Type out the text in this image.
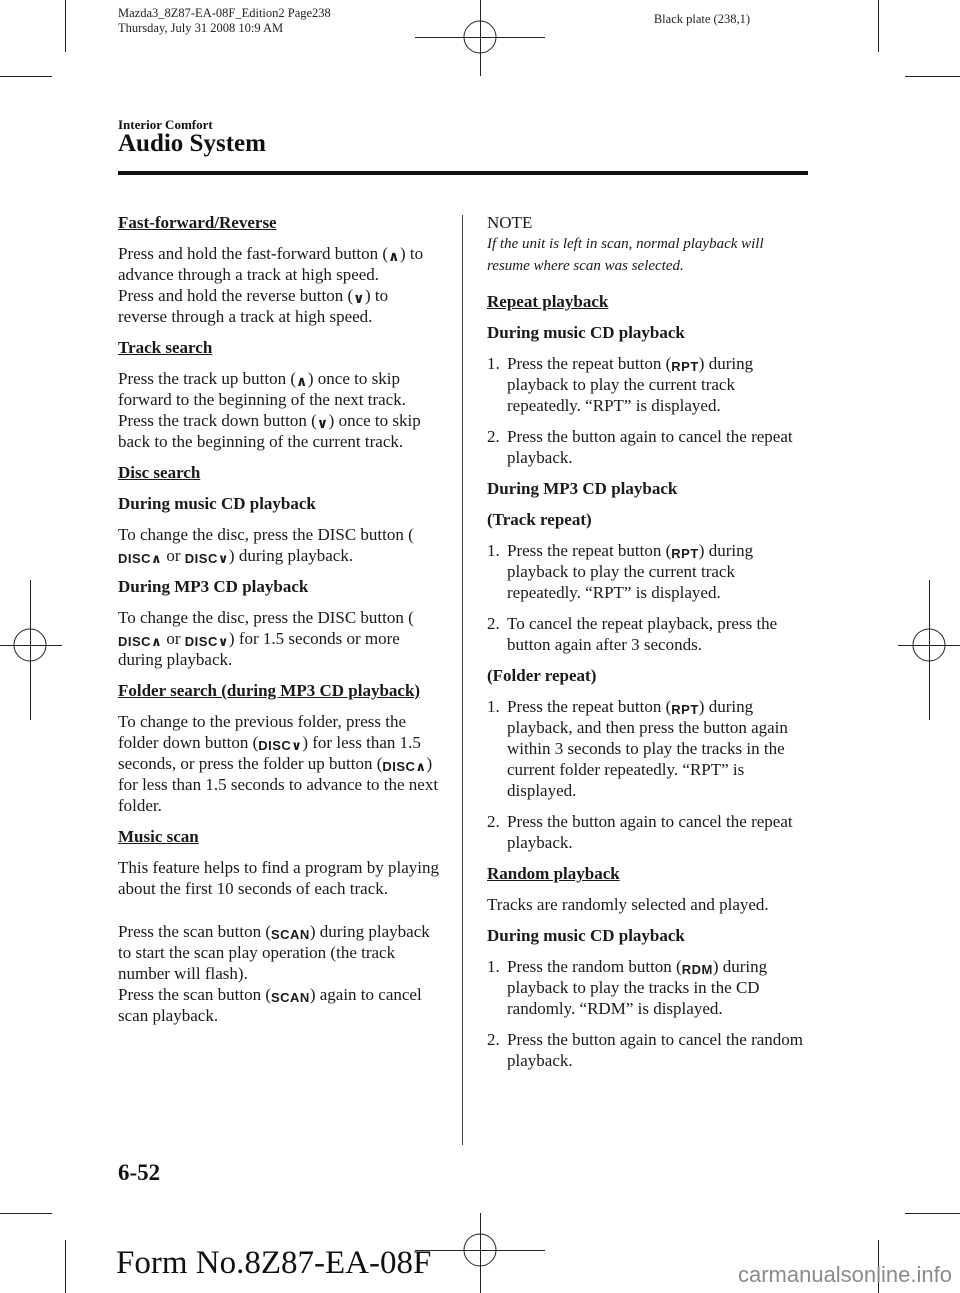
Mazda3_8Z87-EA-08F_Edition2 Page238
Thursday, July 31 2008 10:9 AM
Black plate (238,1)
Interior Comfort
Audio System

Fast-forward/Reverse

Press and hold the fast-forward button (∧) to advance through a track at high speed.
Press and hold the reverse button (∨) to reverse through a track at high speed.

Track search

Press the track up button (∧) once to skip forward to the beginning of the next track.
Press the track down button (∨) once to skip back to the beginning of the current track.

Disc search

During music CD playback

To change the disc, press the DISC button (DISC∧ or DISC∨) during playback.

During MP3 CD playback

To change the disc, press the DISC button (DISC∧ or DISC∨) for 1.5 seconds or more during playback.

Folder search (during MP3 CD playback)

To change to the previous folder, press the folder down button (DISC∨) for less than 1.5 seconds, or press the folder up button (DISC∧) for less than 1.5 seconds to advance to the next folder.

Music scan

This feature helps to find a program by playing about the first 10 seconds of each track.

Press the scan button (SCAN) during playback to start the scan play operation (the track number will flash).
Press the scan button (SCAN) again to cancel scan playback.

NOTE

If the unit is left in scan, normal playback will resume where scan was selected.

Repeat playback

During music CD playback

1. Press the repeat button (RPT) during playback to play the current track repeatedly. “RPT” is displayed.
2. Press the button again to cancel the repeat playback.

During MP3 CD playback

(Track repeat)

1. Press the repeat button (RPT) during playback to play the current track repeatedly. “RPT” is displayed.
2. To cancel the repeat playback, press the button again after 3 seconds.

(Folder repeat)

1. Press the repeat button (RPT) during playback, and then press the button again within 3 seconds to play the tracks in the current folder repeatedly. “RPT” is displayed.
2. Press the button again to cancel the repeat playback.

Random playback

Tracks are randomly selected and played.

During music CD playback

1. Press the random button (RDM) during playback to play the tracks in the CD randomly. “RDM” is displayed.
2. Press the button again to cancel the random playback.
6-52
Form No.8Z87-EA-08F	carmanualsonline.info
